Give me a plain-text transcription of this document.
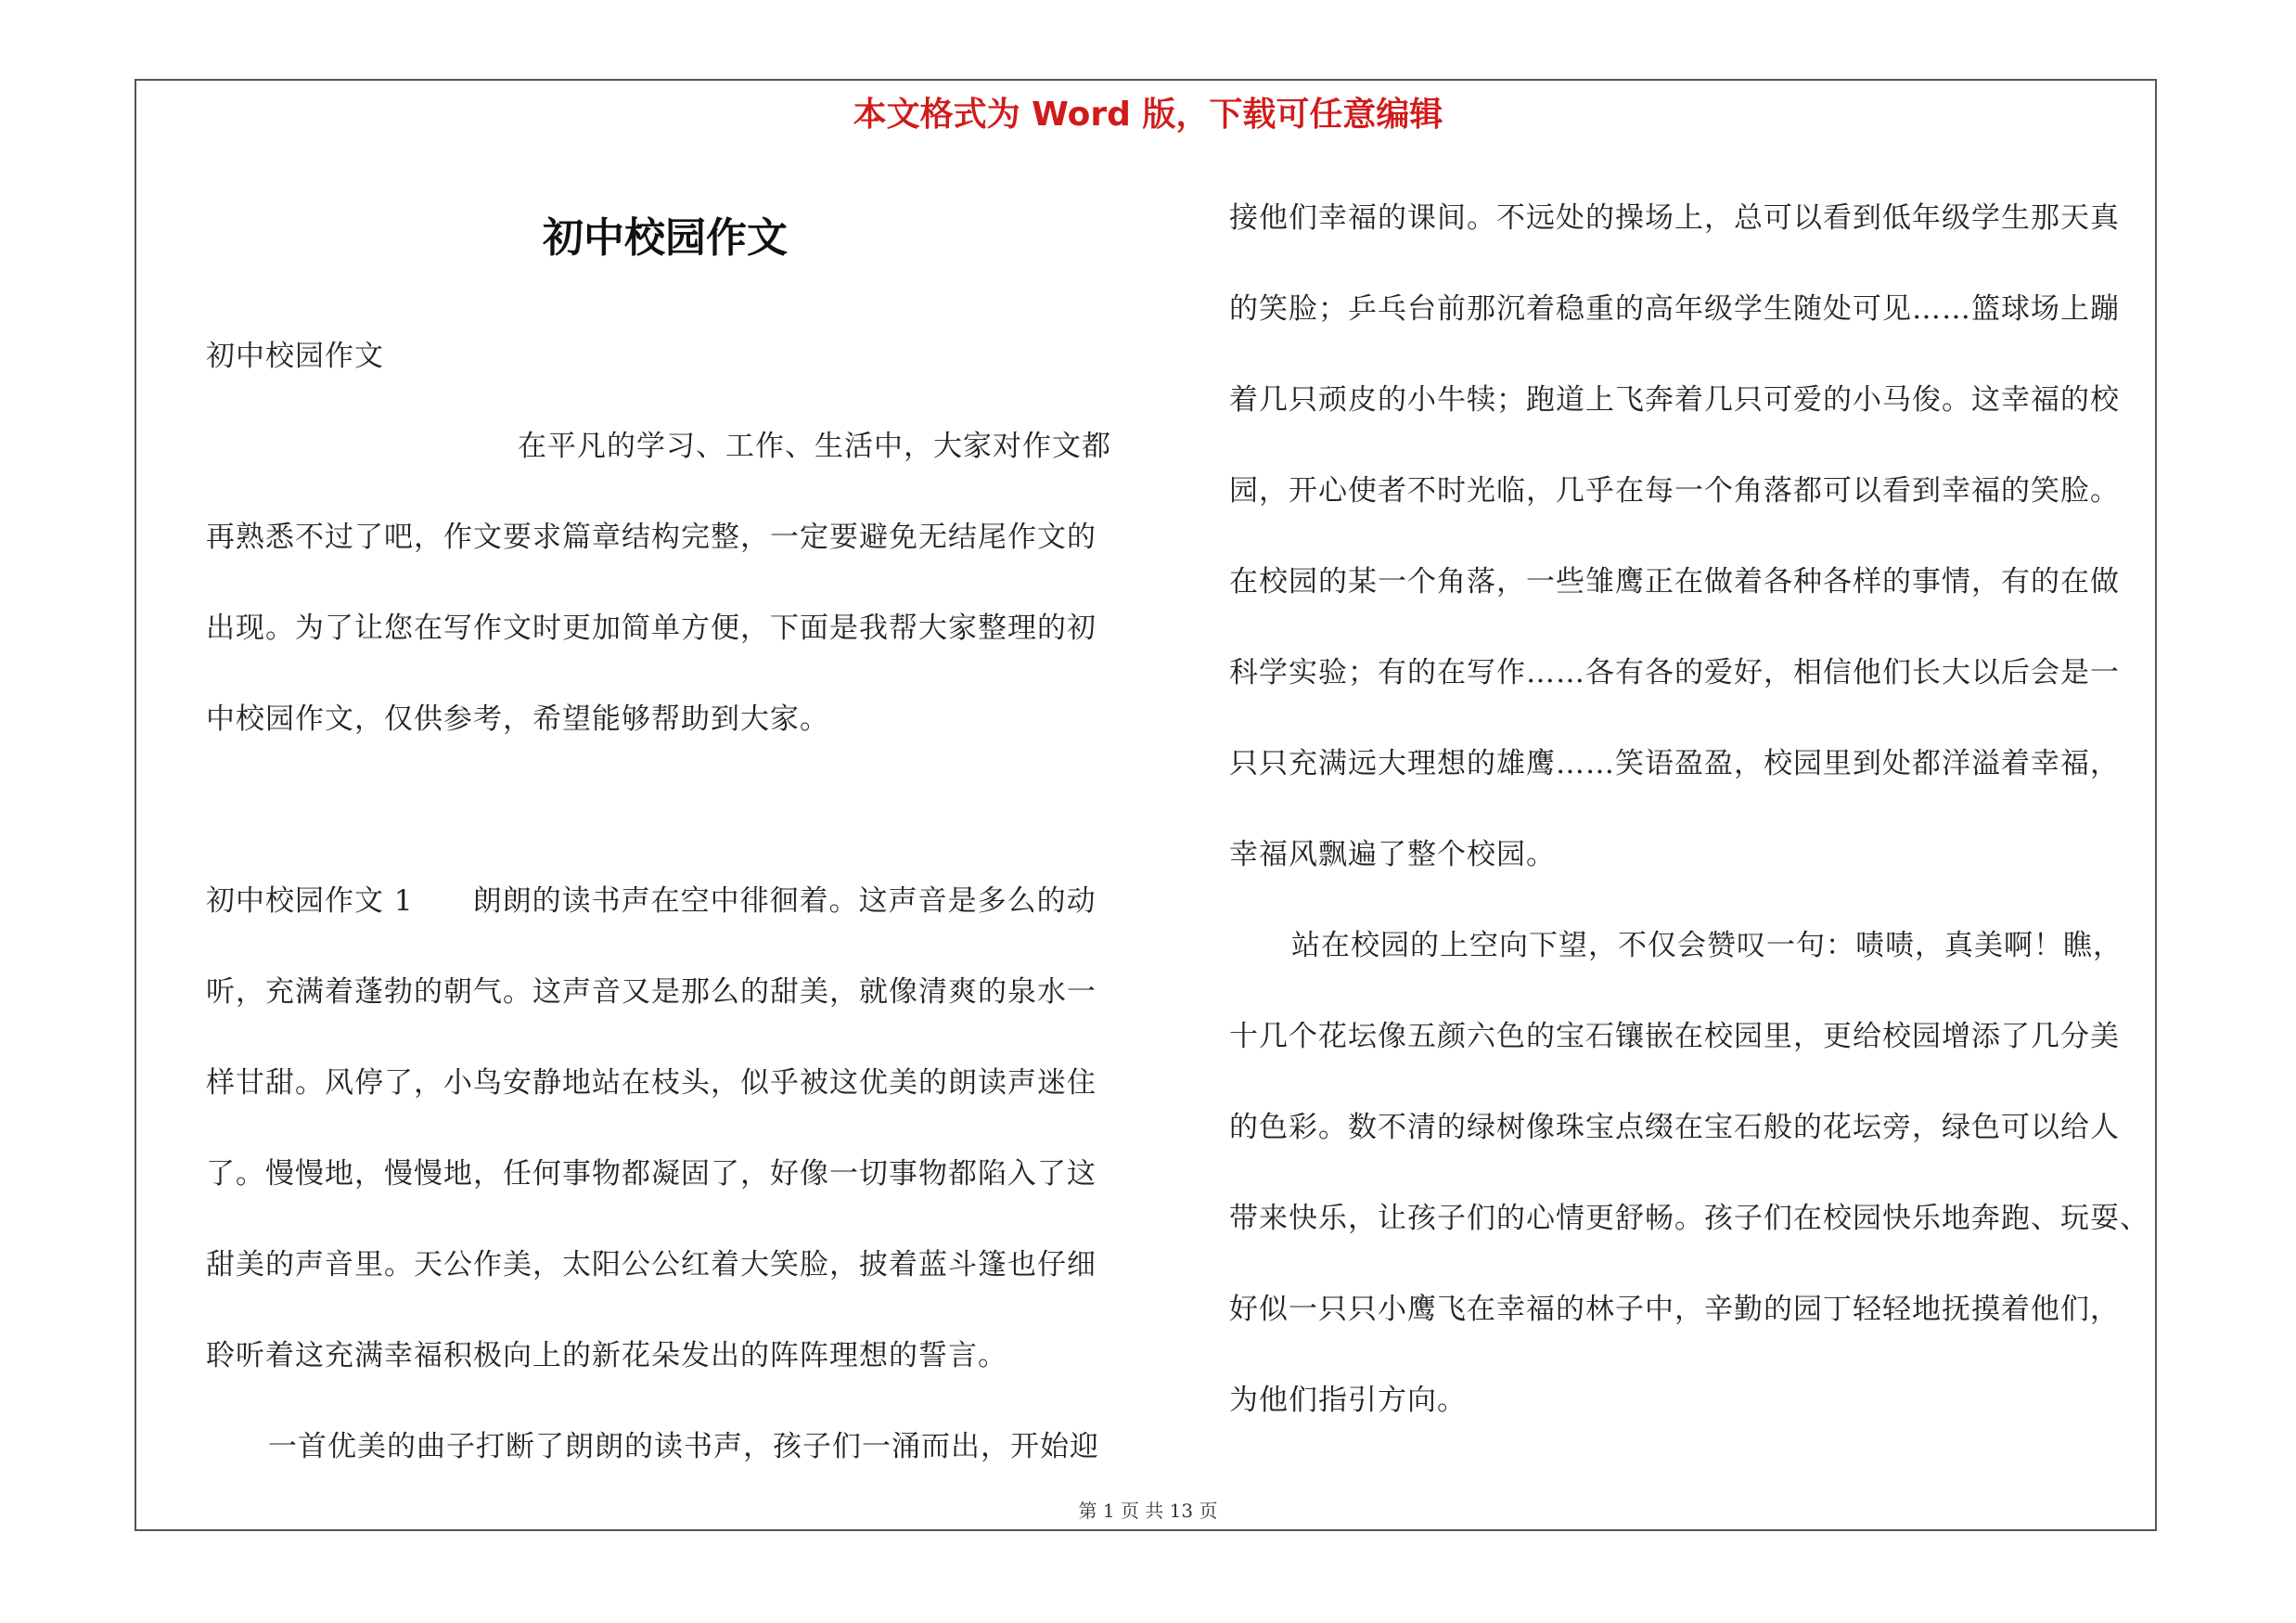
本文格式为 Word 版，下载可任意编辑
初中校园作文
初中校园作文
在平凡的学习、工作、生活中，大家对作文都
再熟悉不过了吧，作文要求篇章结构完整，一定要避免无结尾作文的
出现。为了让您在写作文时更加简单方便，下面是我帮大家整理的初
中校园作文，仅供参考，希望能够帮助到大家。
初中校园作文 1　　朗朗的读书声在空中徘徊着。这声音是多么的动
听，充满着蓬勃的朝气。这声音又是那么的甜美，就像清爽的泉水一
样甘甜。风停了，小鸟安静地站在枝头，似乎被这优美的朗读声迷住
了。慢慢地，慢慢地，任何事物都凝固了，好像一切事物都陷入了这
甜美的声音里。天公作美，太阳公公红着大笑脸，披着蓝斗篷也仔细
聆听着这充满幸福积极向上的新花朵发出的阵阵理想的誓言。
一首优美的曲子打断了朗朗的读书声，孩子们一涌而出，开始迎
接他们幸福的课间。不远处的操场上，总可以看到低年级学生那天真
的笑脸；乒乓台前那沉着稳重的高年级学生随处可见……篮球场上蹦
着几只顽皮的小牛犊；跑道上飞奔着几只可爱的小马俊。这幸福的校
园，开心使者不时光临，几乎在每一个角落都可以看到幸福的笑脸。
在校园的某一个角落，一些雏鹰正在做着各种各样的事情，有的在做
科学实验；有的在写作……各有各的爱好，相信他们长大以后会是一
只只充满远大理想的雄鹰……笑语盈盈，校园里到处都洋溢着幸福，
幸福风飘遍了整个校园。
站在校园的上空向下望，不仅会赞叹一句：啧啧，真美啊！瞧，
十几个花坛像五颜六色的宝石镶嵌在校园里，更给校园增添了几分美
的色彩。数不清的绿树像珠宝点缀在宝石般的花坛旁，绿色可以给人
带来快乐，让孩子们的心情更舒畅。孩子们在校园快乐地奔跑、玩耍、
好似一只只小鹰飞在幸福的林子中，辛勤的园丁轻轻地抚摸着他们，
为他们指引方向。
第 1 页 共 13 页
